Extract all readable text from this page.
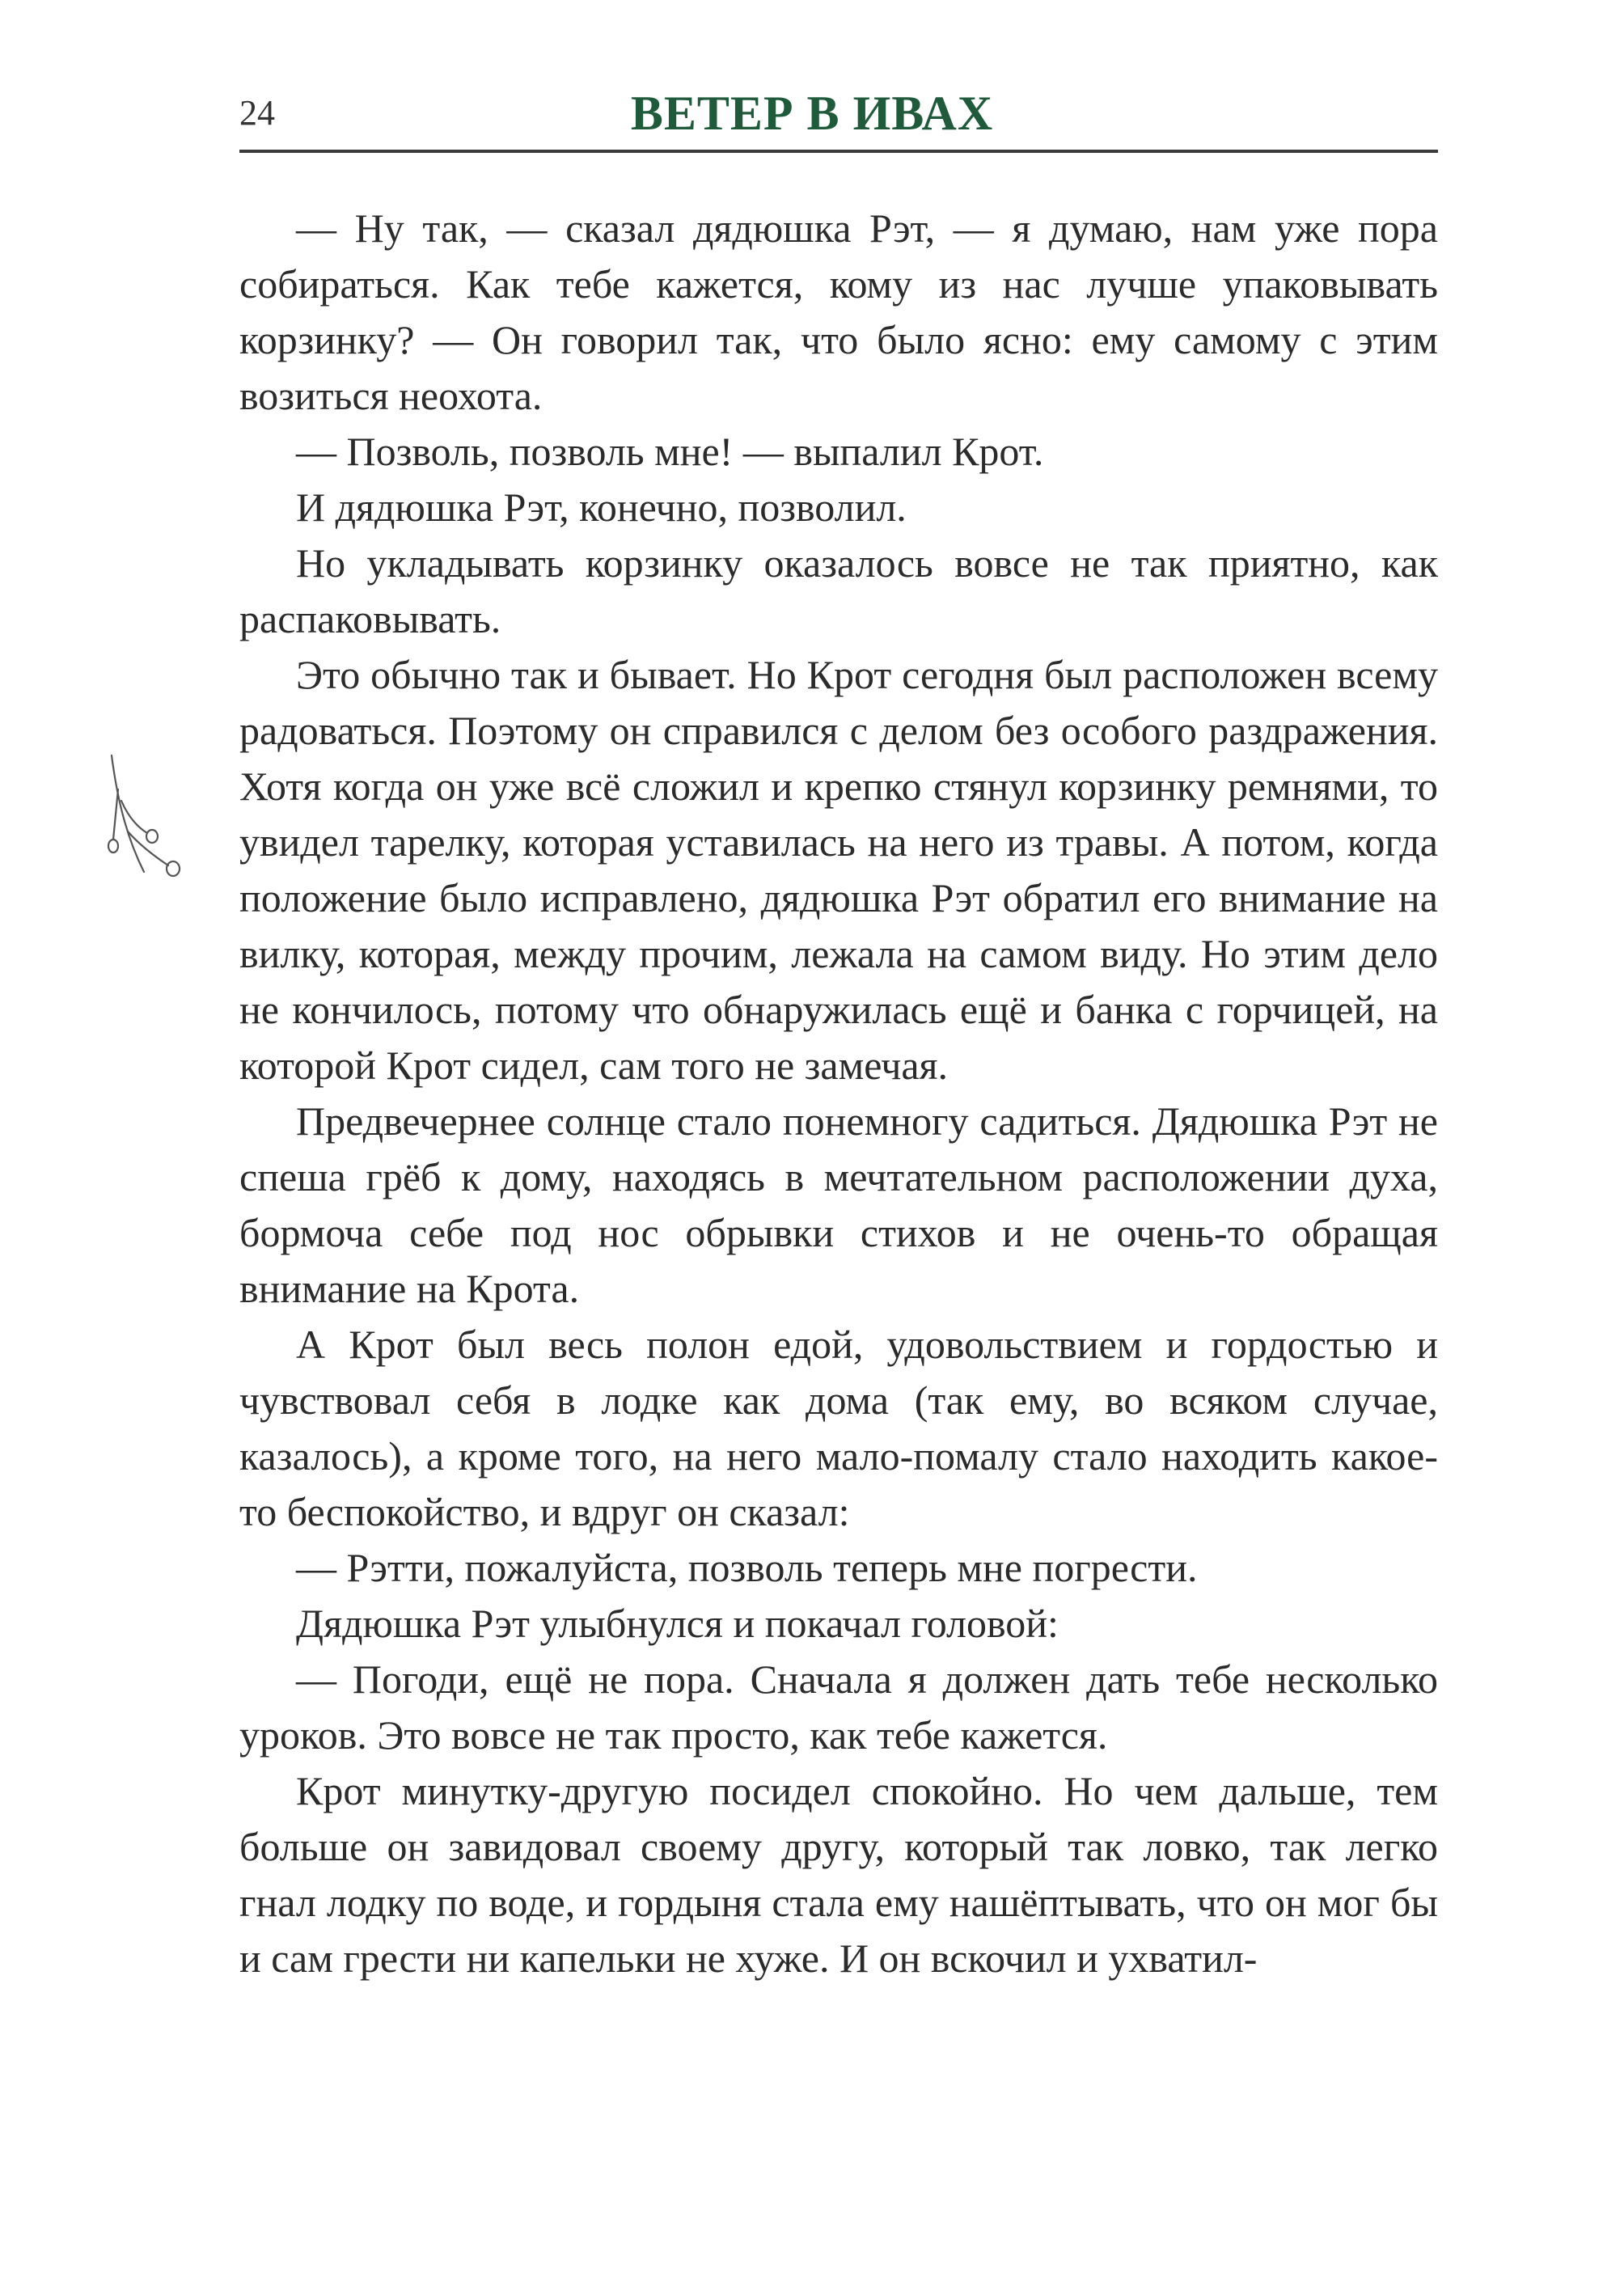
24	ВЕТЕР В ИВАХ

— Ну так, — сказал дядюшка Рэт, — я думаю, нам уже пора собираться. Как тебе кажется, кому из нас лучше упаковывать корзинку? — Он говорил так, что было ясно: ему самому с этим возиться неохота.

— Позволь, позволь мне! — выпалил Крот.

И дядюшка Рэт, конечно, позволил.

Но укладывать корзинку оказалось вовсе не так приятно, как распаковывать.

Это обычно так и бывает. Но Крот сегодня был расположен всему радоваться. Поэтому он справился с делом без особого раздражения. Хотя когда он уже всё сложил и крепко стянул корзинку ремнями, то увидел тарелку, которая уставилась на него из травы. А потом, когда положение было исправлено, дядюшка Рэт обратил его внимание на вилку, которая, между прочим, лежала на самом виду. Но этим дело не кончилось, потому что обнаружилась ещё и банка с горчицей, на которой Крот сидел, сам того не замечая.

Предвечернее солнце стало понемногу садиться. Дядюшка Рэт не спеша грёб к дому, находясь в мечтательном расположении духа, бормоча себе под нос обрывки стихов и не очень-то обращая внимание на Крота.

А Крот был весь полон едой, удовольствием и гордостью и чувствовал себя в лодке как дома (так ему, во всяком случае, казалось), а кроме того, на него мало-помалу стало находить какое-то беспокойство, и вдруг он сказал:

— Рэтти, пожалуйста, позволь теперь мне погрести.

Дядюшка Рэт улыбнулся и покачал головой:

— Погоди, ещё не пора. Сначала я должен дать тебе несколько уроков. Это вовсе не так просто, как тебе кажется.

Крот минутку-другую посидел спокойно. Но чем дальше, тем больше он завидовал своему другу, который так ловко, так легко гнал лодку по воде, и гордыня стала ему нашёптывать, что он мог бы и сам грести ни капельки не хуже. И он вскочил и ухватил-
